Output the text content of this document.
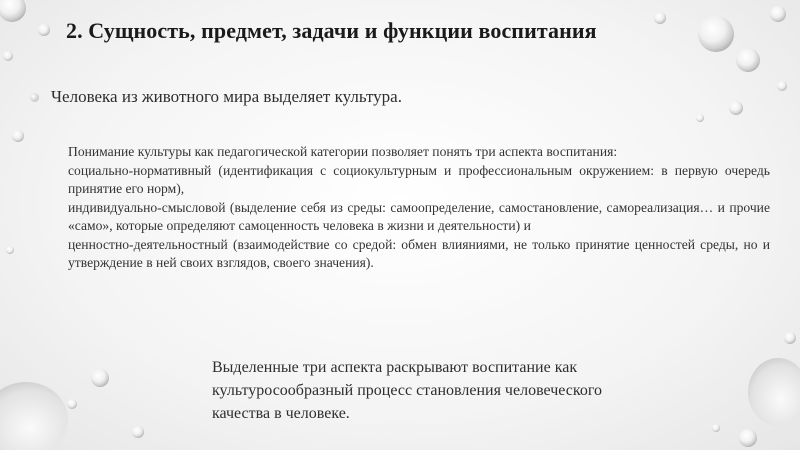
2. Сущность, предмет, задачи и функции воспитания
Человека из животного мира выделяет культура.

Понимание культуры как педагогической категории позволяет понять три аспекта воспитания:

социально-нормативный (идентификация с социокультурным и профессиональным окружением: в первую очередь принятие его норм),

индивидуально-смысловой (выделение себя из среды: самоопределение, самостановление, самореализация… и прочие «само», которые определяют самоценность человека в жизни и деятельности) и

ценностно-деятельностный (взаимодействие со средой: обмен влияниями, не только принятие ценностей среды, но и утверждение в ней своих взглядов, своего значения).

Выделенные три аспекта раскрывают воспитание как
культуросообразный процесс становления человеческого
качества в человеке.
